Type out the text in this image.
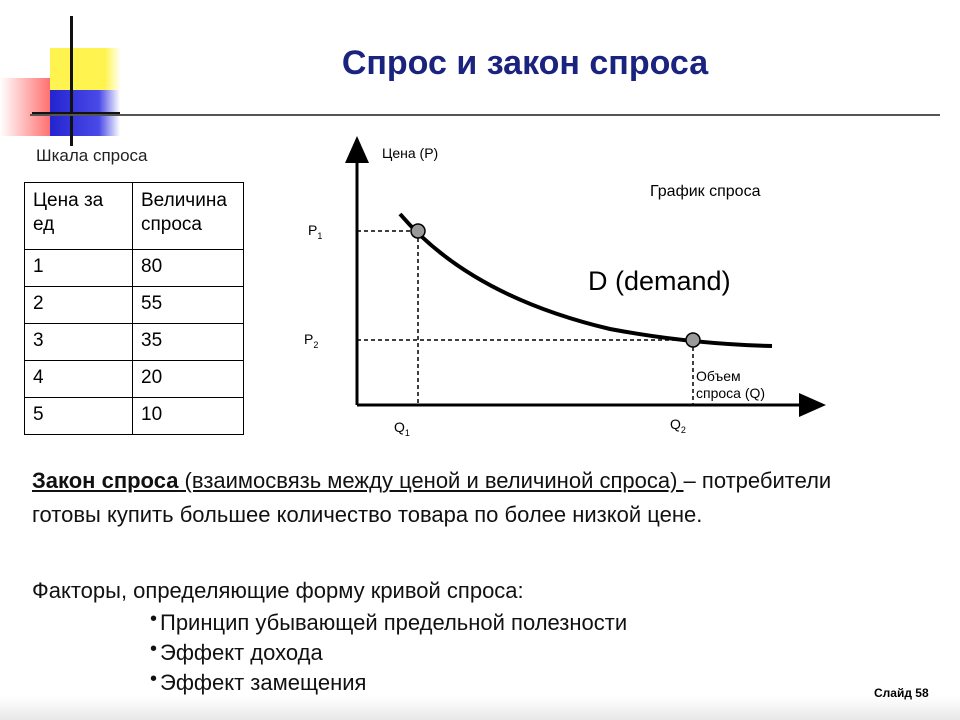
Спрос и закон спроса
Шкала спроса
Цена за ед	Величина спроса
1	80
2	55
3	35
4	20
5	10
Цена (P)
График спроса
D (demand)
Объем
спроса (Q)
$P_1$
$P_2$
$Q_1$
$Q_2$
Закон спроса (взаимосвязь между ценой и величиной спроса) – потребители готовы купить большее количество товара по более низкой цене.
Факторы, определяющие форму кривой спроса:
• Принцип убывающей предельной полезности
• Эффект дохода
• Эффект замещения	Слайд 58
